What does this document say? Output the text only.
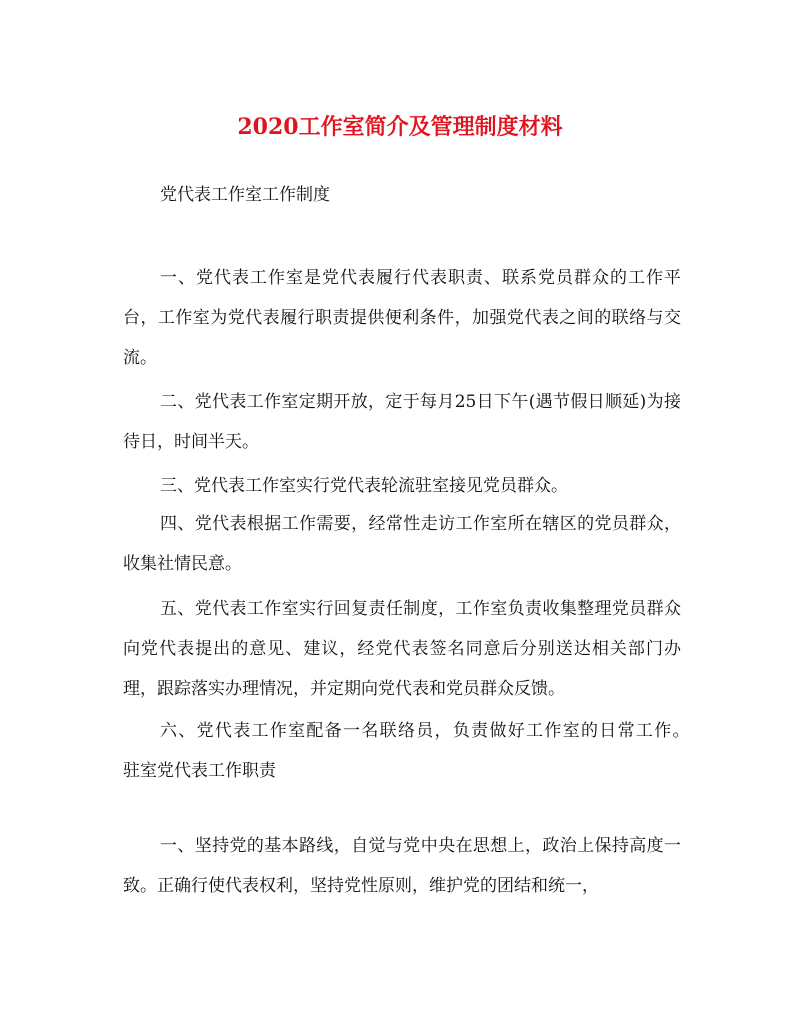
2020工作室简介及管理制度材料
党代表工作室工作制度
一、党代表工作室是党代表履行代表职责、联系党员群众的工作平台，工作室为党代表履行职责提供便利条件，加强党代表之间的联络与交流。
二、党代表工作室定期开放，定于每月25日下午(遇节假日顺延)为接待日，时间半天。
三、党代表工作室实行党代表轮流驻室接见党员群众。
四、党代表根据工作需要，经常性走访工作室所在辖区的党员群众，收集社情民意。
五、党代表工作室实行回复责任制度，工作室负责收集整理党员群众向党代表提出的意见、建议，经党代表签名同意后分别送达相关部门办理，跟踪落实办理情况，并定期向党代表和党员群众反馈。
六、党代表工作室配备一名联络员，负责做好工作室的日常工作。　　驻室党代表工作职责
一、坚持党的基本路线，自觉与党中央在思想上，政治上保持高度一致。正确行使代表权利，坚持党性原则，维护党的团结和统一，
